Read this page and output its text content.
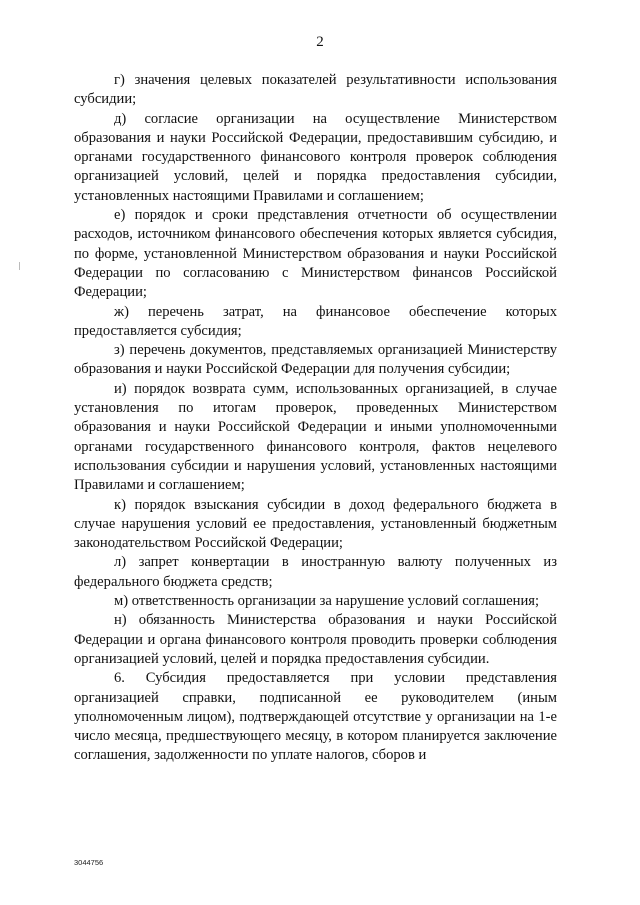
2

г) значения целевых показателей результативности использования субсидии;

д) согласие организации на осуществление Министерством образования и науки Российской Федерации, предоставившим субсидию, и органами государственного финансового контроля проверок соблюдения организацией условий, целей и порядка предоставления субсидии, установленных настоящими Правилами и соглашением;

е) порядок и сроки представления отчетности об осуществлении расходов, источником финансового обеспечения которых является субсидия, по форме, установленной Министерством образования и науки Российской Федерации по согласованию с Министерством финансов Российской Федерации;

ж) перечень затрат, на финансовое обеспечение которых предоставляется субсидия;

з) перечень документов, представляемых организацией Министерству образования и науки Российской Федерации для получения субсидии;

и) порядок возврата сумм, использованных организацией, в случае установления по итогам проверок, проведенных Министерством образования и науки Российской Федерации и иными уполномоченными органами государственного финансового контроля, фактов нецелевого использования субсидии и нарушения условий, установленных настоящими Правилами и соглашением;

к) порядок взыскания субсидии в доход федерального бюджета в случае нарушения условий ее предоставления, установленный бюджетным законодательством Российской Федерации;

л) запрет конвертации в иностранную валюту полученных из федерального бюджета средств;

м) ответственность организации за нарушение условий соглашения;

н) обязанность Министерства образования и науки Российской Федерации и органа финансового контроля проводить проверки соблюдения организацией условий, целей и порядка предоставления субсидии.

6. Субсидия предоставляется при условии представления организацией справки, подписанной ее руководителем (иным уполномоченным лицом), подтверждающей отсутствие у организации на 1-е число месяца, предшествующего месяцу, в котором планируется заключение соглашения, задолженности по уплате налогов, сборов и

3044756
